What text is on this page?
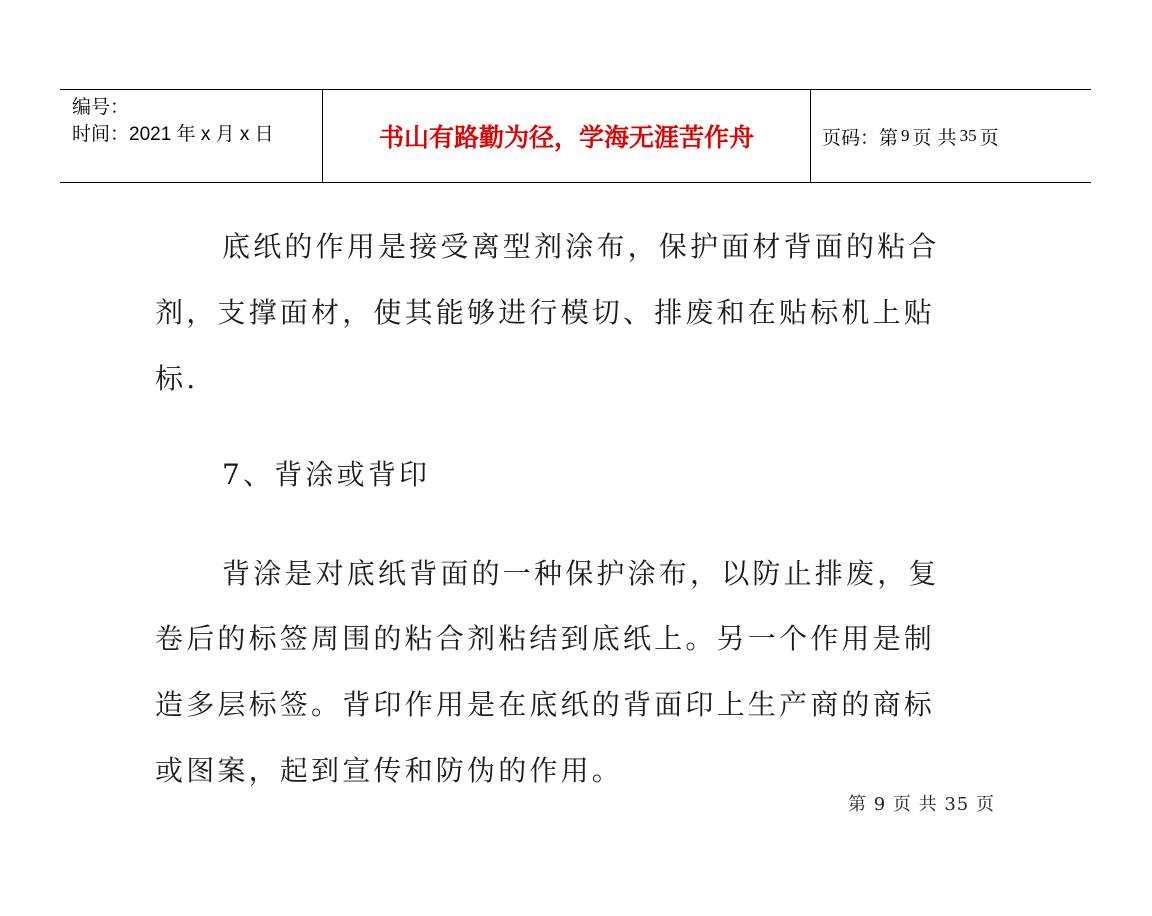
编号：
时间：2021 年 x 月 x 日	书山有路勤为径，学海无涯苦作舟	页码：第 9 页 共 35 页
底纸的作用是接受离型剂涂布，保护面材背面的粘合
剂，支撑面材，使其能够进行模切、排废和在贴标机上贴
标.
7、背涂或背印
背涂是对底纸背面的一种保护涂布，以防止排废，复
卷后的标签周围的粘合剂粘结到底纸上。另一个作用是制
造多层标签。背印作用是在底纸的背面印上生产商的商标
或图案，起到宣传和防伪的作用。
第 9 页 共 35 页
